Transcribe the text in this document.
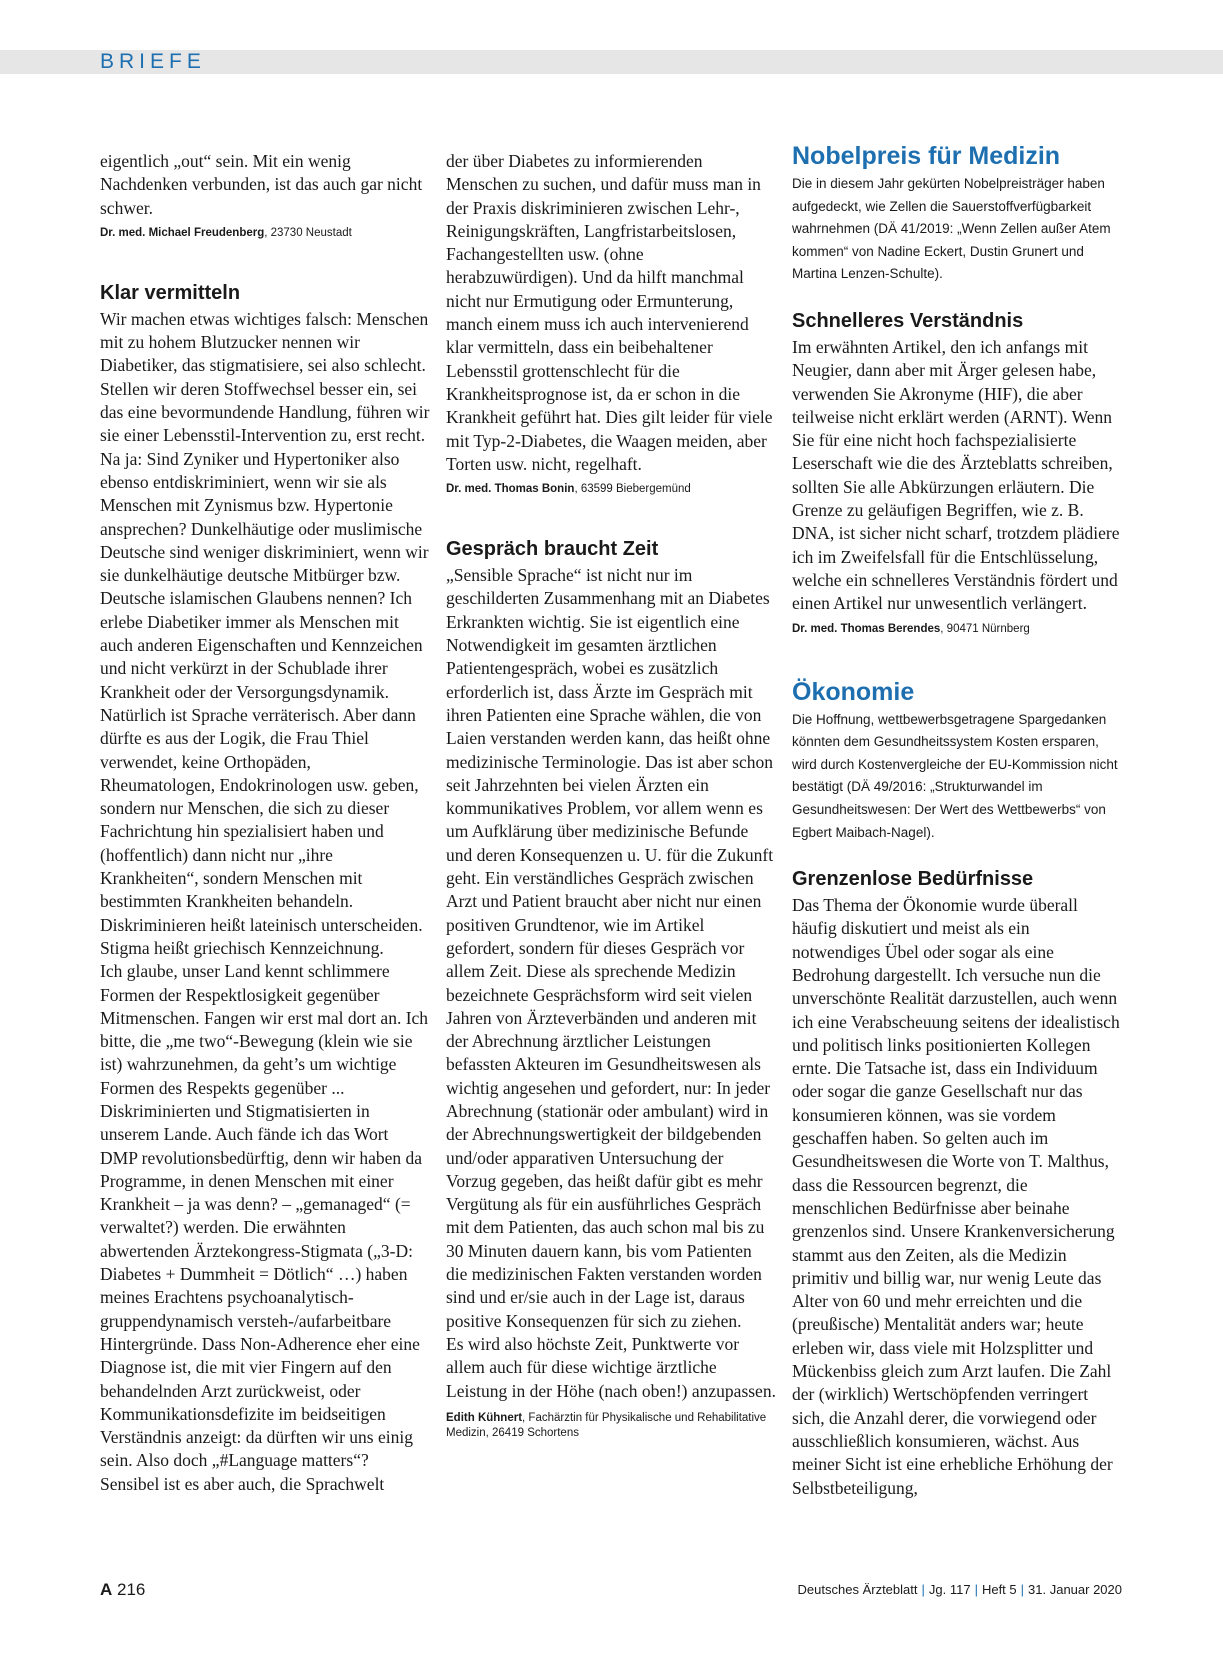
BRIEFE
eigentlich „out“ sein. Mit ein wenig Nachdenken verbunden, ist das auch gar nicht schwer.
Dr. med. Michael Freudenberg, 23730 Neustadt
Klar vermitteln

Wir machen etwas wichtiges falsch: Menschen mit zu hohem Blutzucker nennen wir Diabetiker, das stigmatisiere, sei also schlecht. Stellen wir deren Stoffwechsel besser ein, sei das eine bevormundende Handlung, führen wir sie einer Lebensstil-Intervention zu, erst recht. Na ja: Sind Zyniker und Hypertoniker also ebenso entdiskriminiert, wenn wir sie als Menschen mit Zynismus bzw. Hypertonie ansprechen? Dunkelhäutige oder muslimische Deutsche sind weniger diskriminiert, wenn wir sie dunkelhäutige deutsche Mitbürger bzw. Deutsche islamischen Glaubens nennen? Ich erlebe Diabetiker immer als Menschen mit auch anderen Eigenschaften und Kennzeichen und nicht verkürzt in der Schublade ihrer Krankheit oder der Versorgungsdynamik. Natürlich ist Sprache verräterisch. Aber dann dürfte es aus der Logik, die Frau Thiel verwendet, keine Orthopäden, Rheumatologen, Endokrinologen usw. geben, sondern nur Menschen, die sich zu dieser Fachrichtung hin spezialisiert haben und (hoffentlich) dann nicht nur „ihre Krankheiten“, sondern Menschen mit bestimmten Krankheiten behandeln. Diskriminieren heißt lateinisch unterscheiden. Stigma heißt griechisch Kennzeichnung.

Ich glaube, unser Land kennt schlimmere Formen der Respektlosigkeit gegenüber Mitmenschen. Fangen wir erst mal dort an. Ich bitte, die „me two“-Bewegung (klein wie sie ist) wahrzunehmen, da geht’s um wichtige Formen des Respekts gegenüber ... Diskriminierten und Stigmatisierten in unserem Lande. Auch fände ich das Wort DMP revolutionsbedürftig, denn wir haben da Programme, in denen Menschen mit einer Krankheit – ja was denn? – „gemanaged“ (= verwaltet?) werden. Die erwähnten abwertenden Ärztekongress-Stigmata („3-D: Diabetes + Dummheit = Dötlich“ …) haben meines Erachtens psychoanalytisch-gruppendynamisch versteh-/aufarbeitbare Hintergründe. Dass Non-Adherence eher eine Diagnose ist, die mit vier Fingern auf den behandelnden Arzt zurückweist, oder Kommunikationsdefizite im beidseitigen Verständnis anzeigt: da dürften wir uns einig sein. Also doch „#Language matters“? Sensibel ist es aber auch, die Sprachwelt

der über Diabetes zu informierenden Menschen zu suchen, und dafür muss man in der Praxis diskriminieren zwischen Lehr-, Reinigungskräften, Langfristarbeitslosen, Fachangestellten usw. (ohne herabzuwürdigen). Und da hilft manchmal nicht nur Ermutigung oder Ermunterung, manch einem muss ich auch intervenierend klar vermitteln, dass ein beibehaltener Lebensstil grottenschlecht für die Krankheitsprognose ist, da er schon in die Krankheit geführt hat. Dies gilt leider für viele mit Typ-2-Diabetes, die Waagen meiden, aber Torten usw. nicht, regelhaft.
Dr. med. Thomas Bonin, 63599 Biebergemünd
Gespräch braucht Zeit

„Sensible Sprache“ ist nicht nur im geschilderten Zusammenhang mit an Diabetes Erkrankten wichtig. Sie ist eigentlich eine Notwendigkeit im gesamten ärztlichen Patientengespräch, wobei es zusätzlich erforderlich ist, dass Ärzte im Gespräch mit ihren Patienten eine Sprache wählen, die von Laien verstanden werden kann, das heißt ohne medizinische Terminologie. Das ist aber schon seit Jahrzehnten bei vielen Ärzten ein kommunikatives Problem, vor allem wenn es um Aufklärung über medizinische Befunde und deren Konsequenzen u. U. für die Zukunft geht. Ein verständliches Gespräch zwischen Arzt und Patient braucht aber nicht nur einen positiven Grundtenor, wie im Artikel gefordert, sondern für dieses Gespräch vor allem Zeit. Diese als sprechende Medizin bezeichnete Gesprächsform wird seit vielen Jahren von Ärzteverbänden und anderen mit der Abrechnung ärztlicher Leistungen befassten Akteuren im Gesundheitswesen als wichtig angesehen und gefordert, nur: In jeder Abrechnung (stationär oder ambulant) wird in der Abrechnungswertigkeit der bildgebenden und/oder apparativen Untersuchung der Vorzug gegeben, das heißt dafür gibt es mehr Vergütung als für ein ausführliches Gespräch mit dem Patienten, das auch schon mal bis zu 30 Minuten dauern kann, bis vom Patienten die medizinischen Fakten verstanden worden sind und er/sie auch in der Lage ist, daraus positive Konsequenzen für sich zu ziehen.

Es wird also höchste Zeit, Punktwerte vor allem auch für diese wichtige ärztliche Leistung in der Höhe (nach oben!) anzupassen.

Edith Kühnert, Fachärztin für Physikalische und Rehabilitative Medizin, 26419 Schortens
Nobelpreis für Medizin
Die in diesem Jahr gekürten Nobelpreisträger haben aufgedeckt, wie Zellen die Sauerstoffverfügbarkeit wahrnehmen (DÄ 41/2019: „Wenn Zellen außer Atem kommen“ von Nadine Eckert, Dustin Grunert und Martina Lenzen-Schulte).
Schnelleres Verständnis
Im erwähnten Artikel, den ich anfangs mit Neugier, dann aber mit Ärger gelesen habe, verwenden Sie Akronyme (HIF), die aber teilweise nicht erklärt werden (ARNT). Wenn Sie für eine nicht hoch fachspezialisierte Leserschaft wie die des Ärzteblatts schreiben, sollten Sie alle Abkürzungen erläutern. Die Grenze zu geläufigen Begriffen, wie z. B. DNA, ist sicher nicht scharf, trotzdem plädiere ich im Zweifelsfall für die Entschlüsselung, welche ein schnelleres Verständnis fördert und einen Artikel nur unwesentlich verlängert.
Dr. med. Thomas Berendes, 90471 Nürnberg
Ökonomie
Die Hoffnung, wettbewerbsgetragene Spargedanken könnten dem Gesundheitssystem Kosten ersparen, wird durch Kostenvergleiche der EU-Kommission nicht bestätigt (DÄ 49/2016: „Strukturwandel im Gesundheitswesen: Der Wert des Wettbewerbs“ von Egbert Maibach-Nagel).
Grenzenlose Bedürfnisse
Das Thema der Ökonomie wurde überall häufig diskutiert und meist als ein notwendiges Übel oder sogar als eine Bedrohung dargestellt. Ich versuche nun die unverschönte Realität darzustellen, auch wenn ich eine Verabscheuung seitens der idealistisch und politisch links positionierten Kollegen ernte. Die Tatsache ist, dass ein Individuum oder sogar die ganze Gesellschaft nur das konsumieren können, was sie vordem geschaffen haben. So gelten auch im Gesundheitswesen die Worte von T. Malthus, dass die Ressourcen begrenzt, die menschlichen Bedürfnisse aber beinahe grenzenlos sind. Unsere Krankenversicherung stammt aus den Zeiten, als die Medizin primitiv und billig war, nur wenig Leute das Alter von 60 und mehr erreichten und die (preußische) Mentalität anders war; heute erleben wir, dass viele mit Holzsplitter und Mückenbiss gleich zum Arzt laufen. Die Zahl der (wirklich) Wertschöpfenden verringert sich, die Anzahl derer, die vorwiegend oder ausschließlich konsumieren, wächst. Aus meiner Sicht ist eine erhebliche Erhöhung der Selbstbeteiligung,
A 216	Deutsches Ärzteblatt | Jg. 117 | Heft 5 | 31. Januar 2020
